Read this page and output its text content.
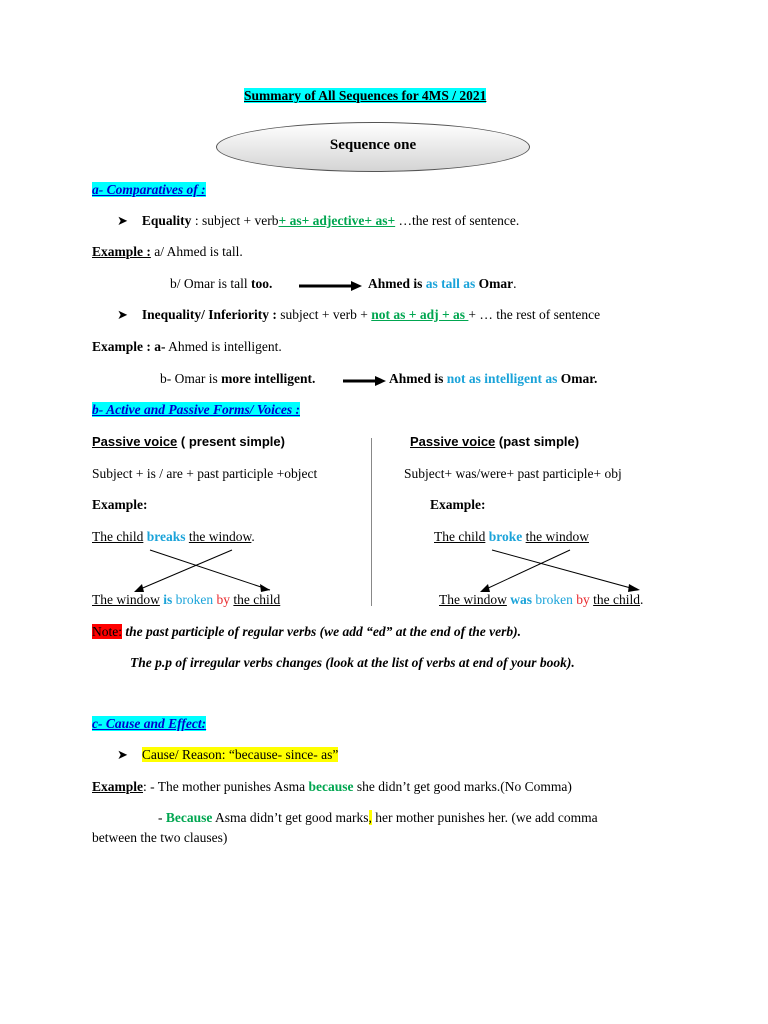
Summary of All Sequences for 4MS / 2021
Sequence one
a- Comparatives of :
➤ Equality : subject + verb+ as+ adjective+ as+ …the rest of sentence.
Example : a/ Ahmed is tall.
b/ Omar is tall too.	Ahmed is as tall as Omar.
➤ Inequality/ Inferiority : subject + verb + not as + adj + as + … the rest of sentence
Example : a- Ahmed is intelligent.
b- Omar is more intelligent.	Ahmed is not as intelligent as Omar.
b- Active and Passive Forms/ Voices :
Passive voice ( present simple)
Subject + is / are + past participle +object
Example:
The child breaks the window.
The window is broken by the child
Passive voice (past simple)
Subject+ was/were+ past participle+ obj
Example:
The child broke the window
The window was broken by the child.
Note: the past participle of regular verbs (we add “ed” at the end of the verb).
The p.p of irregular verbs changes (look at the list of verbs at end of your book).
c- Cause and Effect:
➤ Cause/ Reason: “because- since- as”
Example: - The mother punishes Asma because she didn’t get good marks.(No Comma)
- Because Asma didn’t get good marks, her mother punishes her. (we add comma
between the two clauses)
